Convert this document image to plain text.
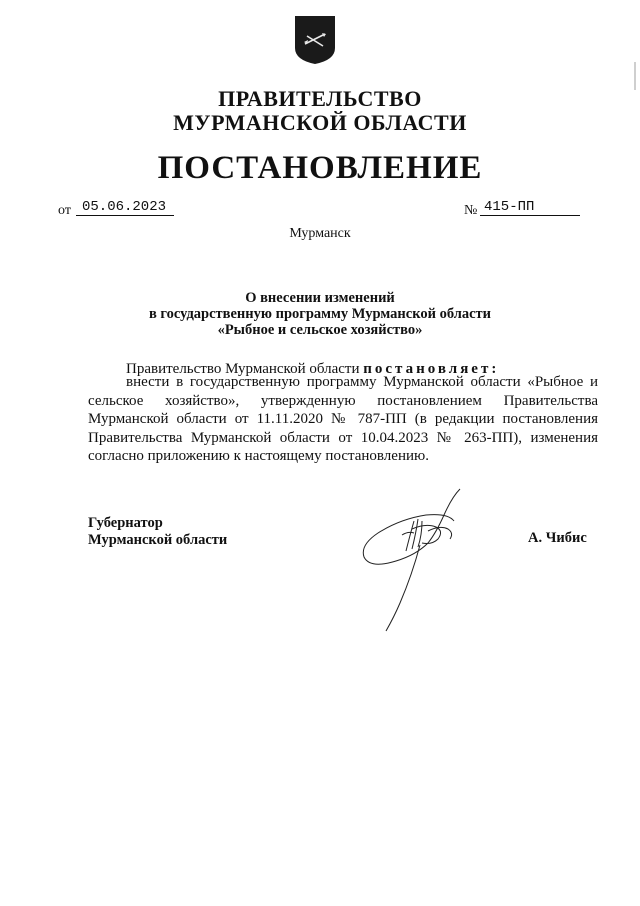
ПРАВИТЕЛЬСТВО
МУРМАНСКОЙ ОБЛАСТИ
ПОСТАНОВЛЕНИЕ
от 05.06.2023	№ 415-ПП
Мурманск
О внесении изменений
в государственную программу Мурманской области
«Рыбное и сельское хозяйство»
Правительство Мурманской области постановляет:
внести в государственную программу Мурманской области «Рыбное и сельское хозяйство», утвержденную постановлением Правительства Мурманской области от 11.11.2020 № 787-ПП (в редакции постановления Правительства Мурманской области от 10.04.2023 № 263-ПП), изменения согласно приложению к настоящему постановлению.
Губернатор
Мурманской области	А. Чибис
